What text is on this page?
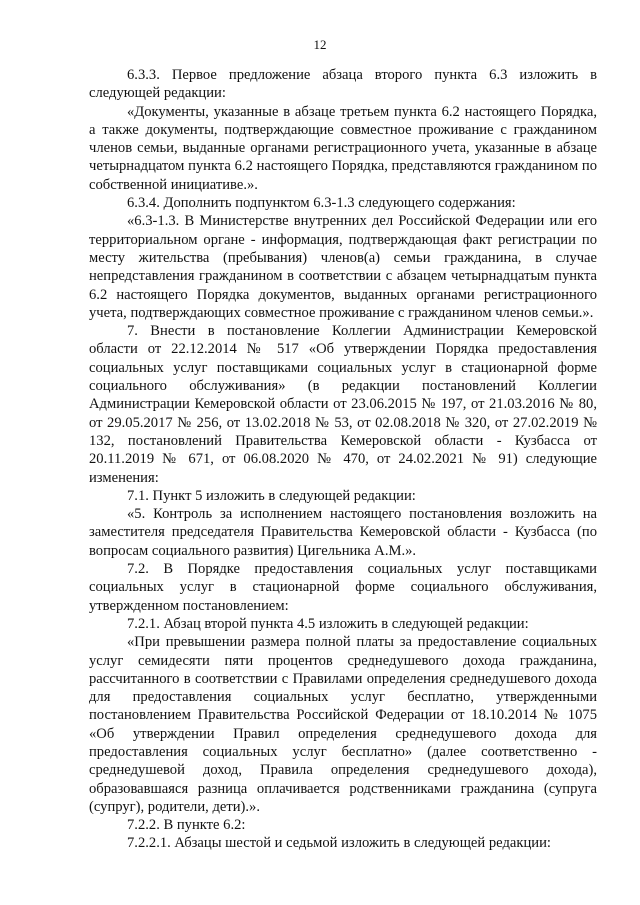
12

6.3.3. Первое предложение абзаца второго пункта 6.3 изложить в следующей редакции:

«Документы, указанные в абзаце третьем пункта 6.2 настоящего Порядка, а также документы, подтверждающие совместное проживание с гражданином членов семьи, выданные органами регистрационного учета, указанные в абзаце четырнадцатом пункта 6.2 настоящего Порядка, представляются гражданином по собственной инициативе.».

6.3.4. Дополнить подпунктом 6.3-1.3 следующего содержания:

«6.3-1.3. В Министерстве внутренних дел Российской Федерации или его территориальном органе - информация, подтверждающая факт регистрации по месту жительства (пребывания) членов(а) семьи гражданина, в случае непредставления гражданином в соответствии с абзацем четырнадцатым пункта 6.2 настоящего Порядка документов, выданных органами регистрационного учета, подтверждающих совместное проживание с гражданином членов семьи.».

7. Внести в постановление Коллегии Администрации Кемеровской области от 22.12.2014 № 517 «Об утверждении Порядка предоставления социальных услуг поставщиками социальных услуг в стационарной форме социального обслуживания» (в редакции постановлений Коллегии Администрации Кемеровской области от 23.06.2015 № 197, от 21.03.2016 № 80, от 29.05.2017 № 256, от 13.02.2018 № 53, от 02.08.2018 № 320, от 27.02.2019 № 132, постановлений Правительства Кемеровской области - Кузбасса от 20.11.2019 № 671, от 06.08.2020 № 470, от 24.02.2021 № 91) следующие изменения:

7.1. Пункт 5 изложить в следующей редакции:

«5. Контроль за исполнением настоящего постановления возложить на заместителя председателя Правительства Кемеровской области - Кузбасса (по вопросам социального развития) Цигельника А.М.».

7.2. В Порядке предоставления социальных услуг поставщиками социальных услуг в стационарной форме социального обслуживания, утвержденном постановлением:

7.2.1. Абзац второй пункта 4.5 изложить в следующей редакции:

«При превышении размера полной платы за предоставление социальных услуг семидесяти пяти процентов среднедушевого дохода гражданина, рассчитанного в соответствии с Правилами определения среднедушевого дохода для предоставления социальных услуг бесплатно, утвержденными постановлением Правительства Российской Федерации от 18.10.2014 № 1075 «Об утверждении Правил определения среднедушевого дохода для предоставления социальных услуг бесплатно» (далее соответственно - среднедушевой доход, Правила определения среднедушевого дохода), образовавшаяся разница оплачивается родственниками гражданина (супруга (супруг), родители, дети).».

7.2.2. В пункте 6.2:

7.2.2.1. Абзацы шестой и седьмой изложить в следующей редакции:
